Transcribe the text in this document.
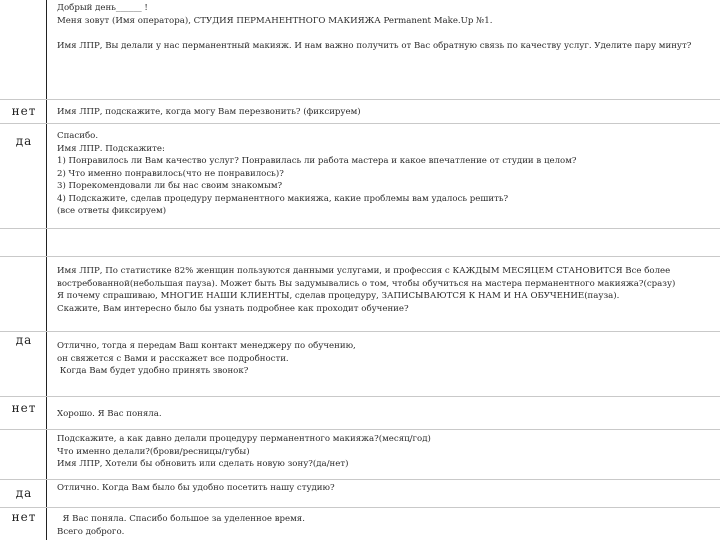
нет
да
да
нет
да
нет
Добрый день______ !
Меня зовут (Имя оператора), СТУДИЯ ПЕРМАНЕНТНОГО МАКИЯЖА Permanent Make.Up №1.
Имя ЛПР, Вы делали у нас перманентный макияж. И нам важно получить от Вас обратную связь по качеству услуг. Уделите пару минут?
Имя ЛПР, подскажите, когда могу Вам перезвонить? (фиксируем)
Спасибо.
Имя ЛПР. Подскажите:
1) Понравилось ли Вам качество услуг? Понравилась ли работа мастера и какое впечатление от студии в целом?
2) Что именно понравилось(что не понравилось)?
3) Порекомендовали ли бы нас своим знакомым?
4) Подскажите, сделав процедуру перманентного макияжа, какие проблемы вам удалось решить?
(все ответы фиксируем)
Имя ЛПР, По статистике 82% женщин пользуются данными услугами, и профессия с КАЖДЫМ МЕСЯЦЕМ СТАНОВИТСЯ Все более
востребованной(небольшая пауза). Может быть Вы задумывались о том, чтобы обучиться на мастера перманентного макияжа?(сразу)
Я почему спрашиваю, МНОГИЕ НАШИ КЛИЕНТЫ, сделав процедуру, ЗАПИСЫВАЮТСЯ К НАМ И НА ОБУЧЕНИЕ(пауза).
Скажите, Вам интересно было бы узнать подробнее как проходит обучение?
Отлично, тогда я передам Ваш контакт менеджеру по обучению,
он свяжется с Вами и расскажет все подробности.
Когда Вам будет удобно принять звонок?
Хорошо. Я Вас поняла.
Подскажите, а как давно делали процедуру перманентного макияжа?(месяц/год)
Что именно делали?(брови/ресницы/губы)
Имя ЛПР, Хотели бы обновить или сделать новую зону?(да/нет)
Отлично. Когда Вам было бы удобно посетить нашу студию?
Я Вас поняла. Спасибо большое за уделенное время.
Всего доброго.
